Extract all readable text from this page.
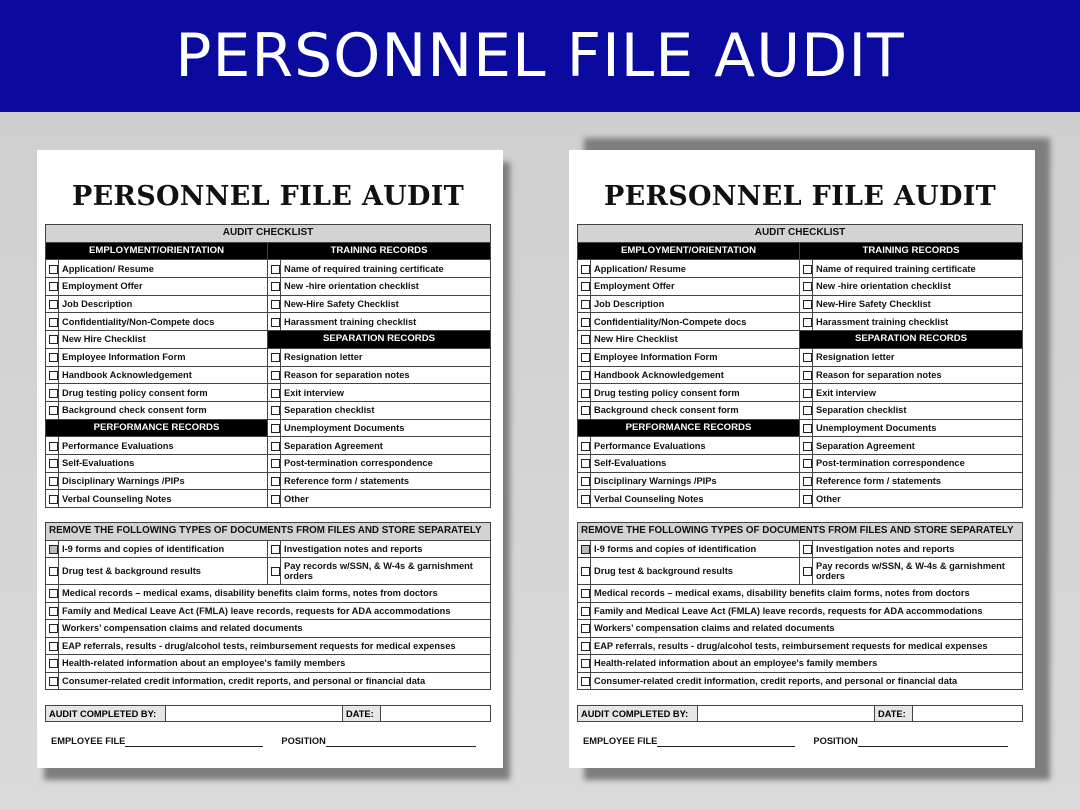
PERSONNEL FILE AUDIT
PERSONNEL FILE AUDIT
AUDIT CHECKLIST			
EMPLOYMENT/ORIENTATION		TRAINING RECORDS	
	Application/ Resume		Name of required training certificate
	Employment Offer		New -hire orientation checklist
	Job Description		New-Hire Safety Checklist
	Confidentiality/Non-Compete docs		Harassment training checklist
	New Hire Checklist	SEPARATION RECORDS	
	Employee Information Form		Resignation letter
	Handbook Acknowledgement		Reason for separation notes
	Drug testing policy consent form		Exit interview
	Background check consent form		Separation checklist
PERFORMANCE RECORDS			Unemployment Documents
	Performance Evaluations		Separation Agreement
	Self-Evaluations		Post-termination correspondence
	Disciplinary Warnings /PIPs		Reference form / statements
	Verbal Counseling Notes		Other
REMOVE THE FOLLOWING TYPES OF DOCUMENTS FROM FILES AND STORE SEPARATELY			
	I-9 forms and copies of identification		Investigation notes and reports
	Drug test & background results		Pay records w/SSN, & W-4s & garnishment orders
	Medical records – medical exams, disability benefits claim forms, notes from doctors		
	Family and Medical Leave Act (FMLA) leave records, requests for ADA accommodations		
	Workers’ compensation claims and related documents		
	EAP referrals, results - drug/alcohol tests, reimbursement requests for medical expenses		
	Health-related information about an employee's family members		
	Consumer-related credit information, credit reports, and personal or financial data		
AUDIT COMPLETED BY:		DATE:	
EMPLOYEE FILE	POSITION
PERSONNEL FILE AUDIT
AUDIT CHECKLIST			
EMPLOYMENT/ORIENTATION		TRAINING RECORDS	
	Application/ Resume		Name of required training certificate
	Employment Offer		New -hire orientation checklist
	Job Description		New-Hire Safety Checklist
	Confidentiality/Non-Compete docs		Harassment training checklist
	New Hire Checklist	SEPARATION RECORDS	
	Employee Information Form		Resignation letter
	Handbook Acknowledgement		Reason for separation notes
	Drug testing policy consent form		Exit interview
	Background check consent form		Separation checklist
PERFORMANCE RECORDS			Unemployment Documents
	Performance Evaluations		Separation Agreement
	Self-Evaluations		Post-termination correspondence
	Disciplinary Warnings /PIPs		Reference form / statements
	Verbal Counseling Notes		Other
REMOVE THE FOLLOWING TYPES OF DOCUMENTS FROM FILES AND STORE SEPARATELY			
	I-9 forms and copies of identification		Investigation notes and reports
	Drug test & background results		Pay records w/SSN, & W-4s & garnishment orders
	Medical records – medical exams, disability benefits claim forms, notes from doctors		
	Family and Medical Leave Act (FMLA) leave records, requests for ADA accommodations		
	Workers’ compensation claims and related documents		
	EAP referrals, results - drug/alcohol tests, reimbursement requests for medical expenses		
	Health-related information about an employee's family members		
	Consumer-related credit information, credit reports, and personal or financial data		
AUDIT COMPLETED BY:		DATE:	
EMPLOYEE FILE	POSITION
